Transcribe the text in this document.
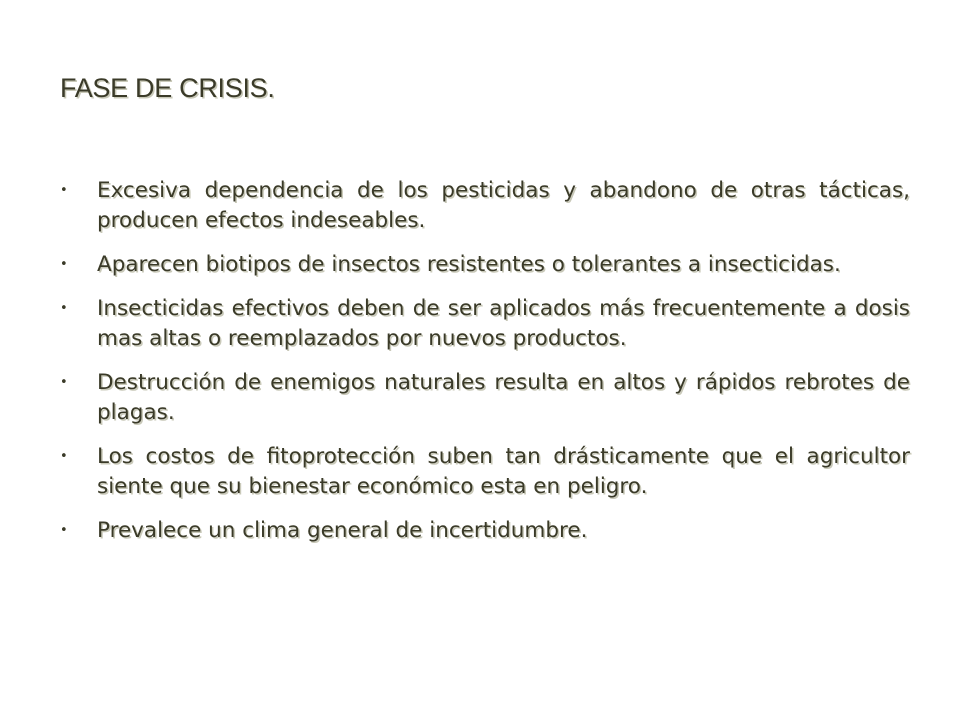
FASE DE CRISIS.
•	Excesiva dependencia de los pesticidas y abandono de otras tácticas, producen efectos indeseables.
•	Aparecen biotipos de insectos resistentes o tolerantes a insecticidas.
•	Insecticidas efectivos deben de ser aplicados más frecuentemente a dosis mas altas o reemplazados por nuevos productos.
•	Destrucción de enemigos naturales resulta en altos y rápidos rebrotes de plagas.
•	Los costos de fitoprotección suben tan drásticamente que el agricultor siente que su bienestar económico esta en peligro.
•	Prevalece un clima general de incertidumbre.
